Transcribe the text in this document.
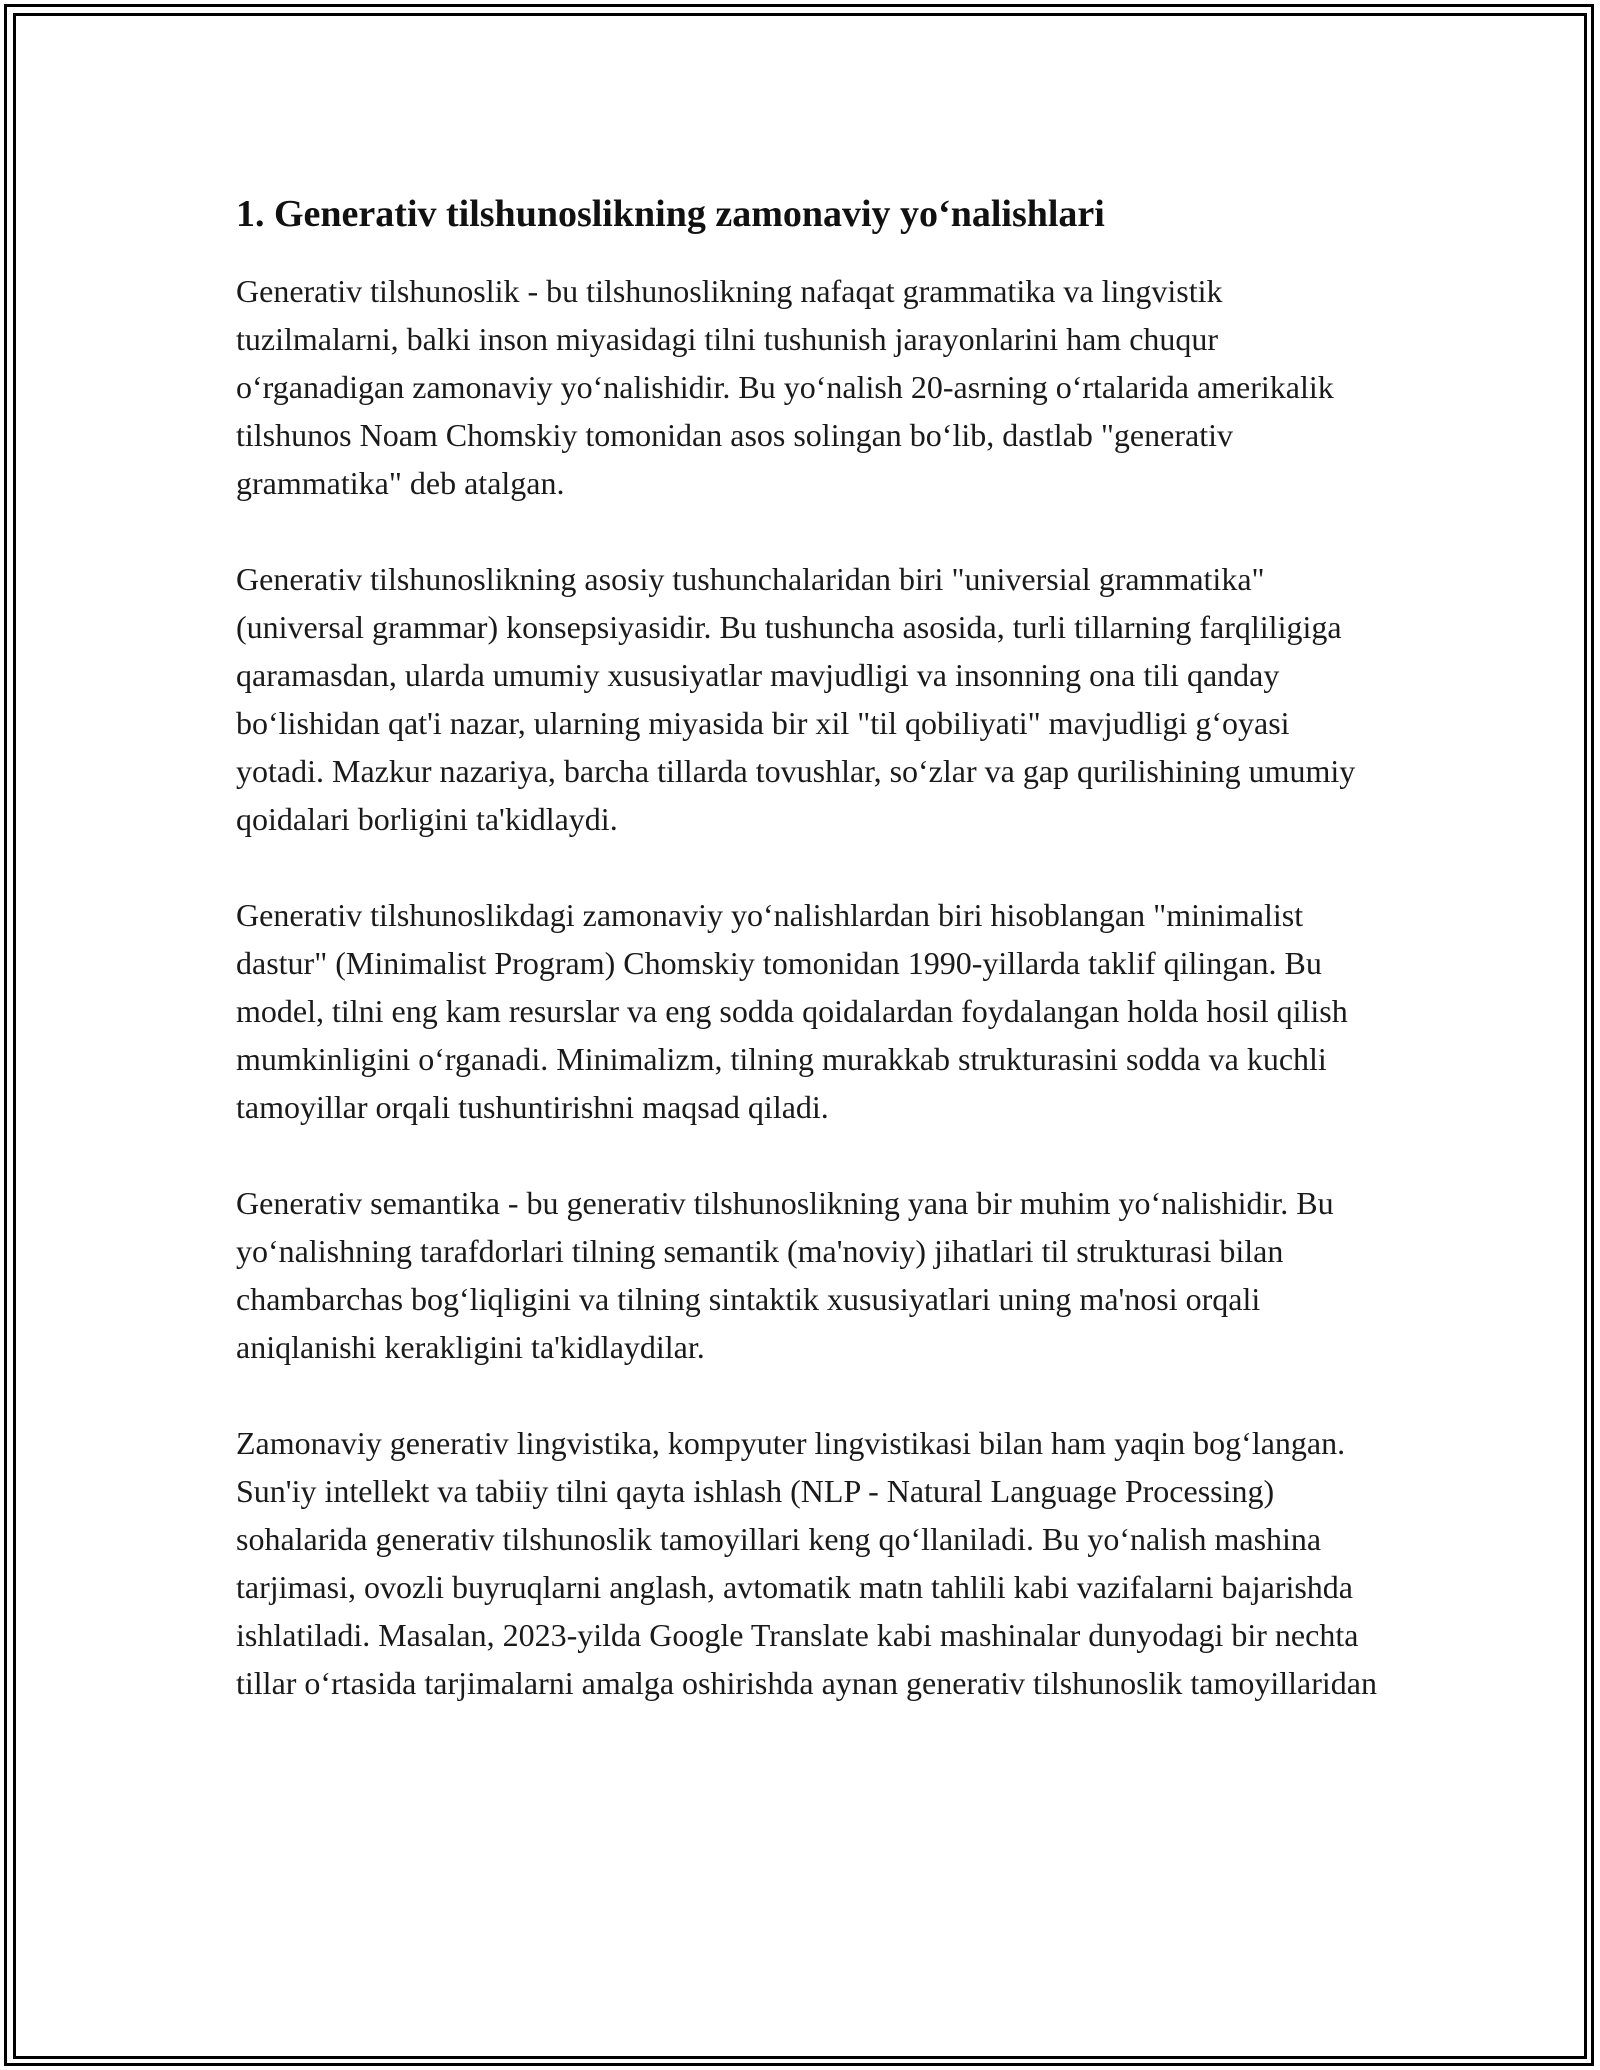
1. Generativ tilshunoslikning zamonaviy yo‘nalishlari

Generativ tilshunoslik - bu tilshunoslikning nafaqat grammatika va lingvistik tuzilmalarni, balki inson miyasidagi tilni tushunish jarayonlarini ham chuqur o‘rganadigan zamonaviy yo‘nalishidir. Bu yo‘nalish 20-asrning o‘rtalarida amerikalik tilshunos Noam Chomskiy tomonidan asos solingan bo‘lib, dastlab "generativ grammatika" deb atalgan.

Generativ tilshunoslikning asosiy tushunchalaridan biri "universial grammatika" (universal grammar) konsepsiyasidir. Bu tushuncha asosida, turli tillarning farqliligiga qaramasdan, ularda umumiy xususiyatlar mavjudligi va insonning ona tili qanday bo‘lishidan qat'i nazar, ularning miyasida bir xil "til qobiliyati" mavjudligi g‘oyasi yotadi. Mazkur nazariya, barcha tillarda tovushlar, so‘zlar va gap qurilishining umumiy qoidalari borligini ta'kidlaydi.

Generativ tilshunoslikdagi zamonaviy yo‘nalishlardan biri hisoblangan "minimalist dastur" (Minimalist Program) Chomskiy tomonidan 1990-yillarda taklif qilingan. Bu model, tilni eng kam resurslar va eng sodda qoidalardan foydalangan holda hosil qilish mumkinligini o‘rganadi. Minimalizm, tilning murakkab strukturasini sodda va kuchli tamoyillar orqali tushuntirishni maqsad qiladi.

Generativ semantika - bu generativ tilshunoslikning yana bir muhim yo‘nalishidir. Bu yo‘nalishning tarafdorlari tilning semantik (ma'noviy) jihatlari til strukturasi bilan chambarchas bog‘liqligini va tilning sintaktik xususiyatlari uning ma'nosi orqali aniqlanishi kerakligini ta'kidlaydilar.

Zamonaviy generativ lingvistika, kompyuter lingvistikasi bilan ham yaqin bog‘langan. Sun'iy intellekt va tabiiy tilni qayta ishlash (NLP - Natural Language Processing) sohalarida generativ tilshunoslik tamoyillari keng qo‘llaniladi. Bu yo‘nalish mashina tarjimasi, ovozli buyruqlarni anglash, avtomatik matn tahlili kabi vazifalarni bajarishda ishlatiladi. Masalan, 2023-yilda Google Translate kabi mashinalar dunyodagi bir nechta tillar o‘rtasida tarjimalarni amalga oshirishda aynan generativ tilshunoslik tamoyillaridan
